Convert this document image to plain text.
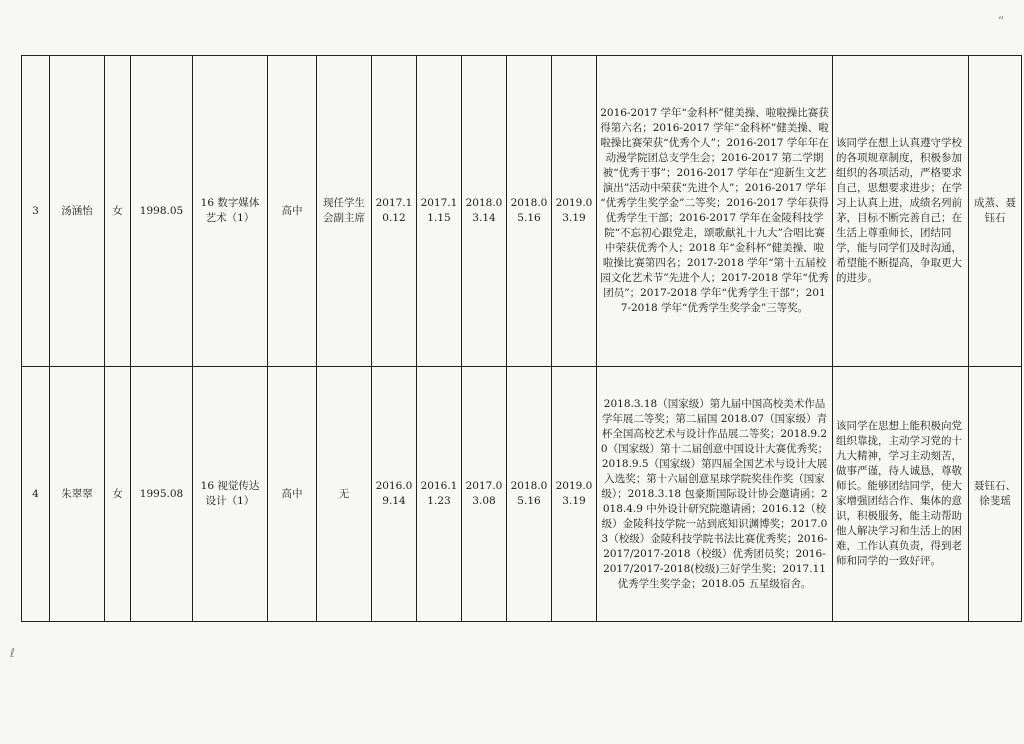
3	汤涵怡	女	1998.05	16 数字媒体艺术（1）	高中	现任学生会副主席	2017.10.12	2017.11.15	2018.03.14	2018.05.16	2019.03.19	2016-2017 学年“金科杯”健美操、啦啦操比赛获得第六名；2016-2017 学年“金科杯”健美操、啦啦操比赛荣获“优秀个人”；2016-2017 学年年在动漫学院团总支学生会；2016-2017 第二学期被“优秀干事”；2016-2017 学年在“迎新生文艺演出”活动中荣获“先进个人”；2016-2017 学年 “优秀学生奖学金”二等奖；2016-2017 学年获得 优秀学生干部；2016-2017 学年在金陵科技学院“不忘初心跟党走，颂歌献礼十九大”合唱比赛中荣获优秀个人；2018 年“金科杯”健美操、啦啦操比赛第四名；2017-2018 学年“第十五届校园文化艺术节”先进个人；2017-2018 学年“优秀团员”；2017-2018 学年“优秀学生干部”；2017-2018 学年“优秀学生奖学金”三等奖。	该同学在想上认真遵守学校的各项规章制度，积极参加组织的各项活动，严格要求自己，思想要求进步；在学习上认真上进，成绩名列前茅，目标不断完善自己；在生活上尊重师长，团结同学，能与同学们及时沟通，希望能不断提高，争取更大的进步。	成蒸、聂钰石
4	朱翠翠	女	1995.08	16 视觉传达设计（1）	高中	无	2016.09.14	2016.11.23	2017.03.08	2018.05.16	2019.03.19	2018.3.18（国家级）第九届中国高校美术作品学年展二等奖；第二届国 2018.07（国家级）青杯全国高校艺术与设计作品展二等奖；2018.9.20（国家级）第十二届创意中国设计大赛优秀奖；2018.9.5（国家级）第四届全国艺术与设计大展入选奖；第十六届创意星球学院奖佳作奖（国家级）；2018.3.18 包豪斯国际设计协会邀请函；2018.4.9 中外设计研究院邀请函；2016.12（校级）金陵科技学院一站到底知识渊博奖；2017.03（校级）金陵科技学院书法比赛优秀奖；2016-2017/2017-2018（校级）优秀团员奖；2016-2017/2017-2018(校级)三好学生奖；2017.11 优秀学生奖学金；2018.05 五星级宿舍。	该同学在思想上能积极向党组织靠拢，主动学习党的十九大精神，学习主动刻苦，做事严谨，待人诚恳，尊敬师长。能够团结同学，使大家增强团结合作、集体的意识，积极服务，能主动帮助他人解决学习和生活上的困难，工作认真负责，得到老师和同学的一致好评。	聂钰石、徐斐瑶
“
ℓ
